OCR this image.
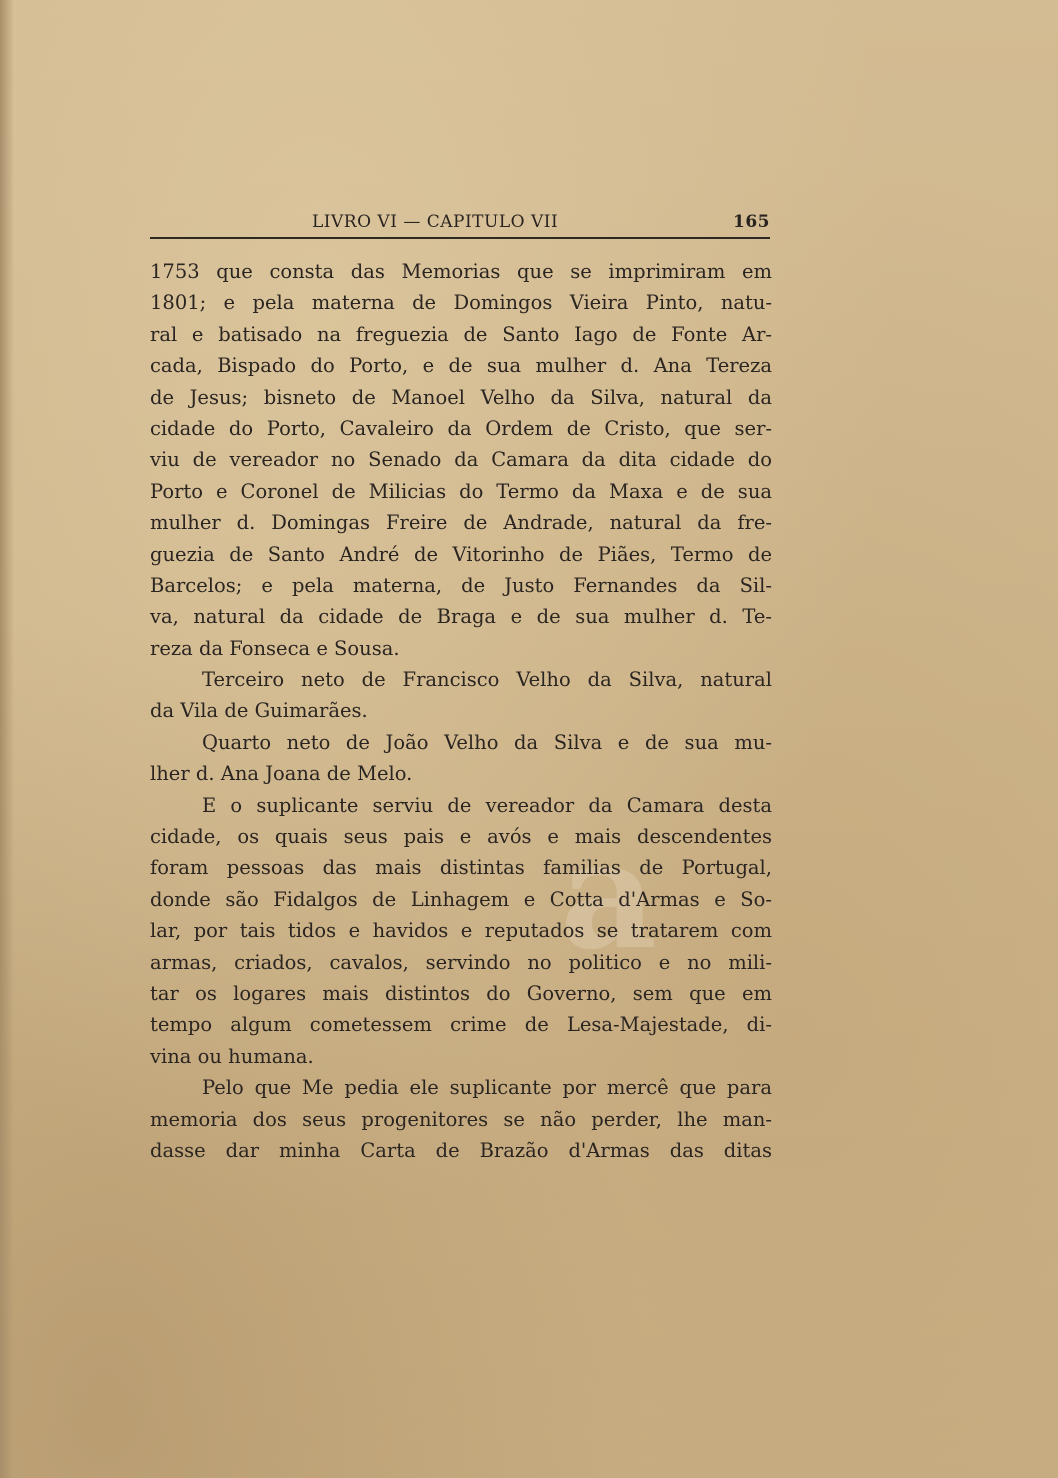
a
LIVRO VI — CAPITULO VII	165
1753 que consta das Memorias que se imprimiram em
1801; e pela materna de Domingos Vieira Pinto, natu-
ral e batisado na freguezia de Santo Iago de Fonte Ar-
cada, Bispado do Porto, e de sua mulher d. Ana Tereza
de Jesus; bisneto de Manoel Velho da Silva, natural da
cidade do Porto, Cavaleiro da Ordem de Cristo, que ser-
viu de vereador no Senado da Camara da dita cidade do
Porto e Coronel de Milicias do Termo da Maxa e de sua
mulher d. Domingas Freire de Andrade, natural da fre-
guezia de Santo André de Vitorinho de Piães, Termo de
Barcelos; e pela materna, de Justo Fernandes da Sil-
va, natural da cidade de Braga e de sua mulher d. Te-
reza da Fonseca e Sousa.
Terceiro neto de Francisco Velho da Silva, natural
da Vila de Guimarães.
Quarto neto de João Velho da Silva e de sua mu-
lher d. Ana Joana de Melo.
E o suplicante serviu de vereador da Camara desta
cidade, os quais seus pais e avós e mais descendentes
foram pessoas das mais distintas familias de Portugal,
donde são Fidalgos de Linhagem e Cotta d'Armas e So-
lar, por tais tidos e havidos e reputados se tratarem com
armas, criados, cavalos, servindo no politico e no mili-
tar os logares mais distintos do Governo, sem que em
tempo algum cometessem crime de Lesa-Majestade, di-
vina ou humana.
Pelo que Me pedia ele suplicante por mercê que para
memoria dos seus progenitores se não perder, lhe man-
dasse dar minha Carta de Brazão d'Armas das ditas
